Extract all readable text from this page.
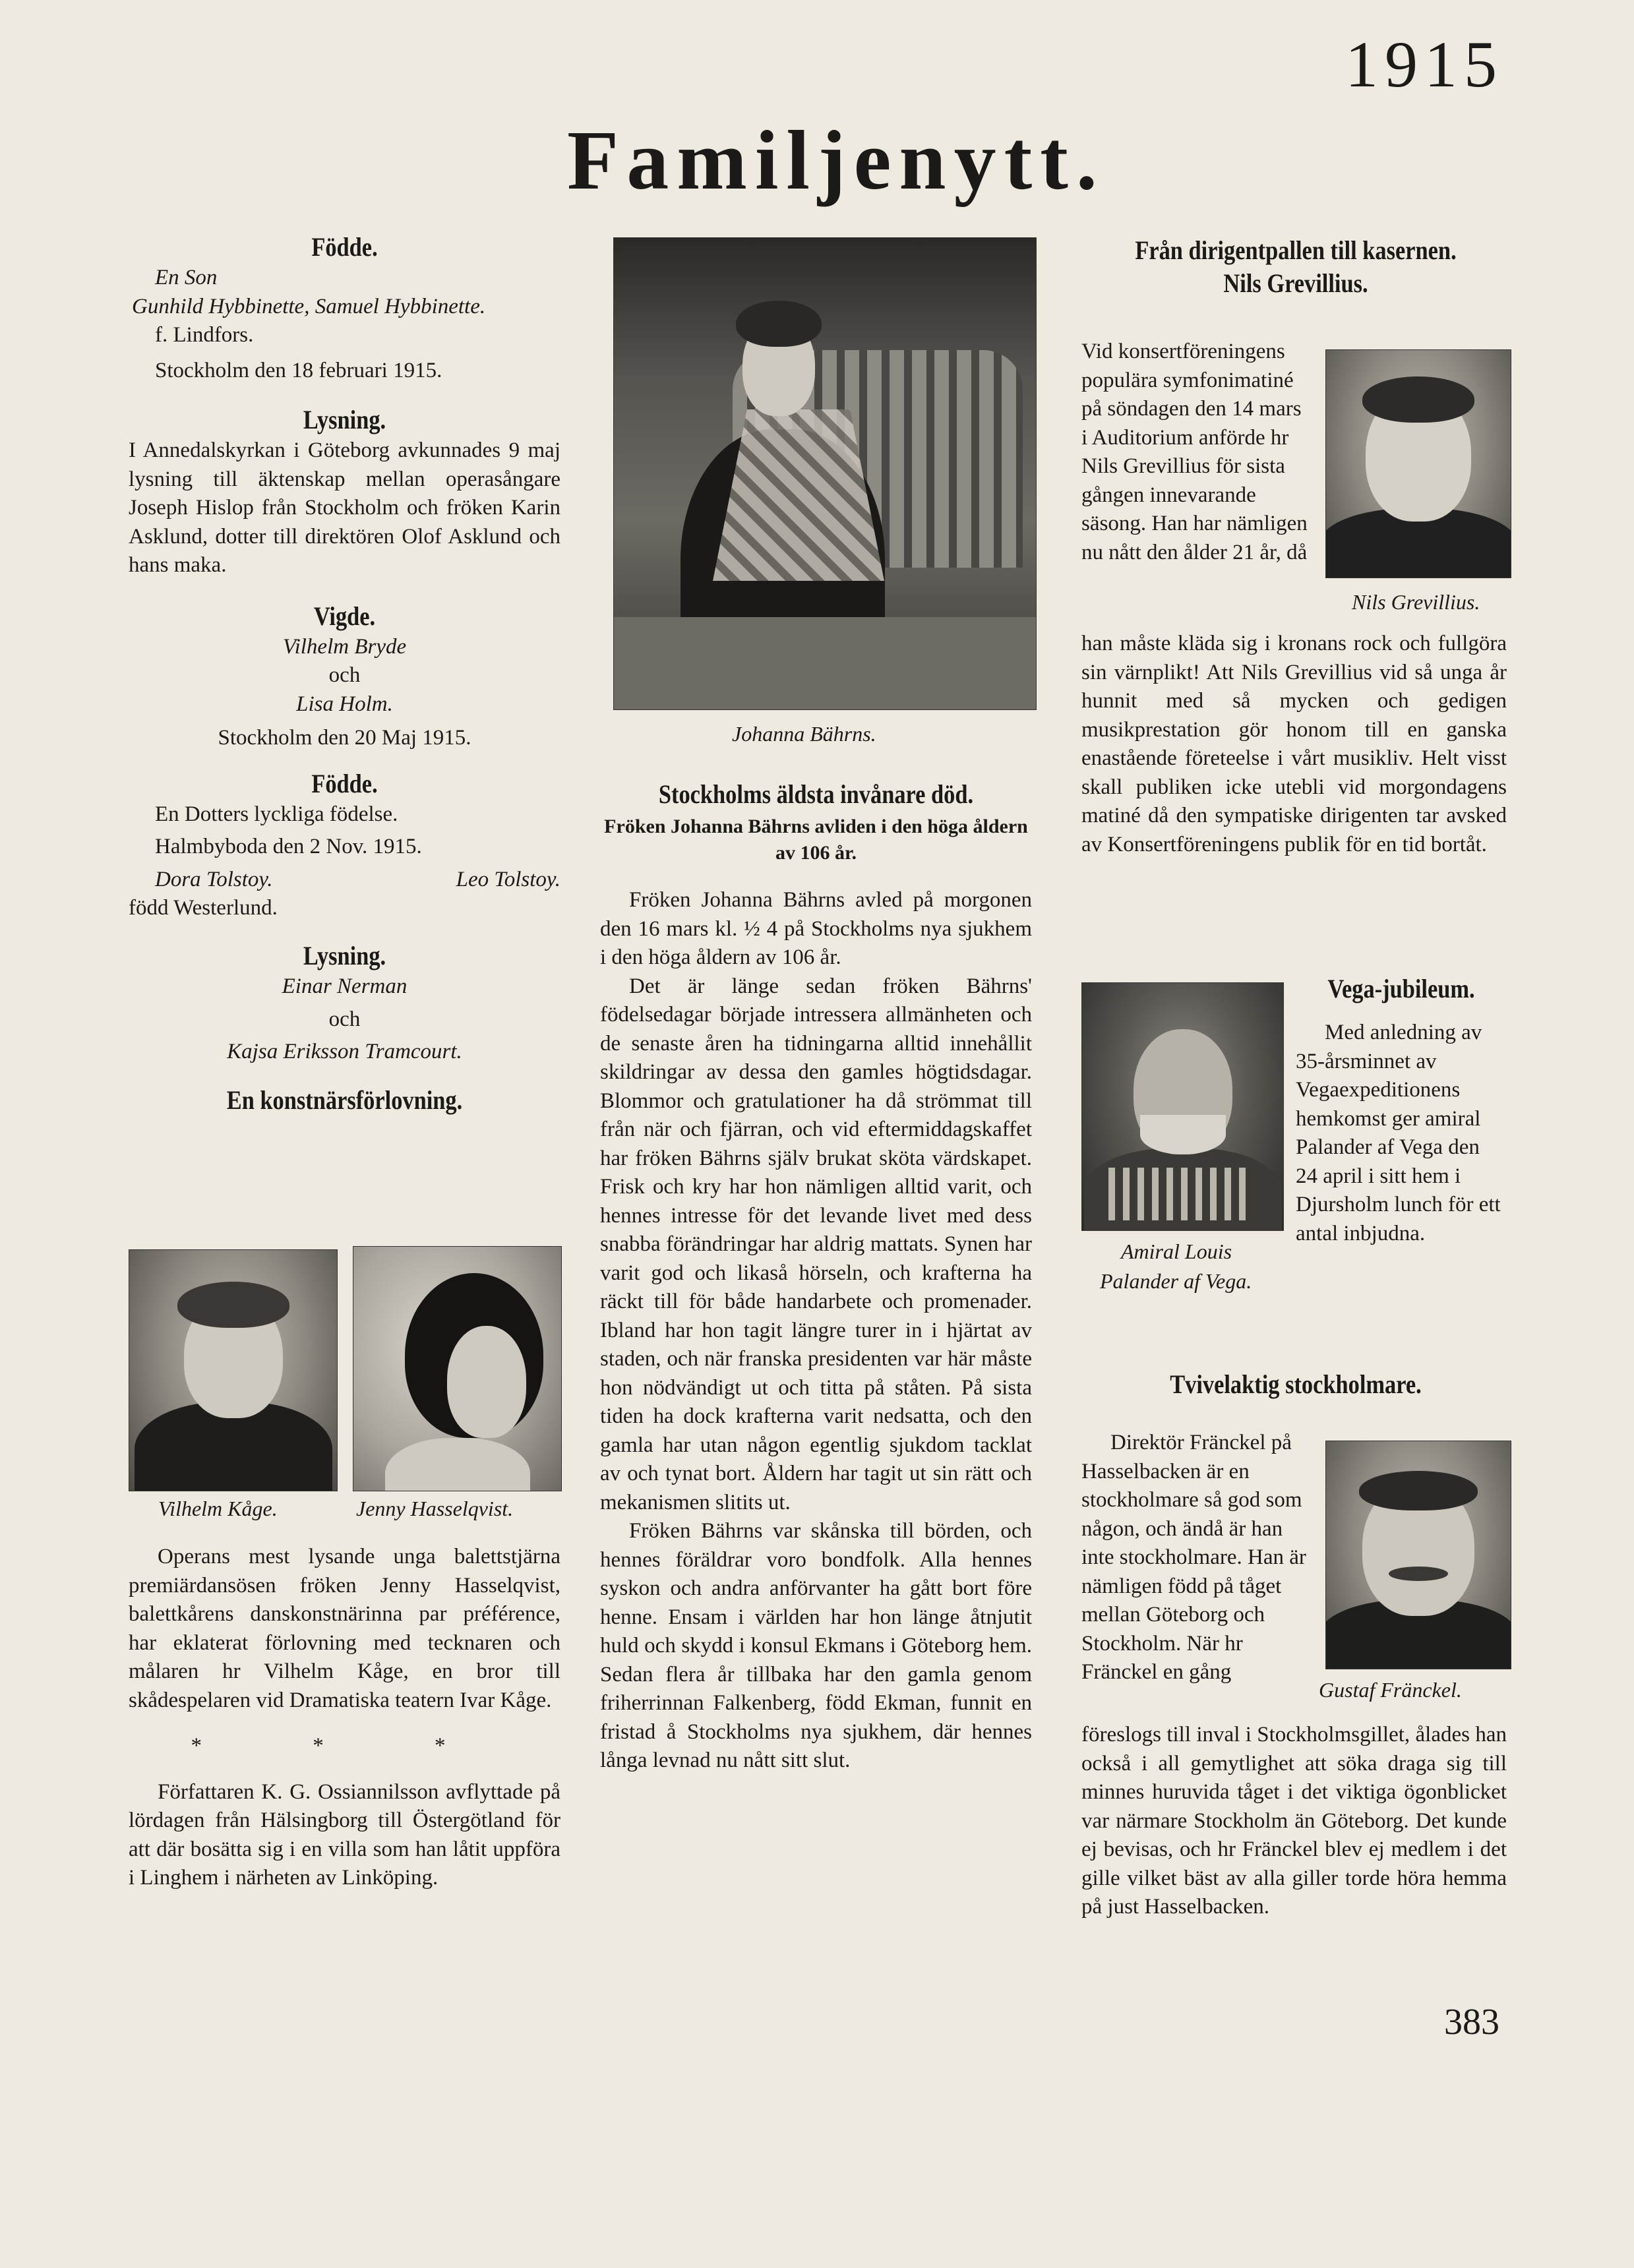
1915
Familjenytt.
Födde.
En Son
Gunhild Hybbinette, Samuel Hybbinette.
f. Lindfors.
Stockholm den 18 februari 1915.
Lysning.

I Annedalskyrkan i Göteborg avkunnades 9 maj lysning till äktenskap mellan operasångare Joseph Hislop från Stockholm och fröken Karin Asklund, dotter till direktören Olof Asklund och hans maka.

Vigde.
Vilhelm Bryde
och
Lisa Holm.
Stockholm den 20 Maj 1915.
Födde.
En Dotters lyckliga födelse.
Halmbyboda den 2 Nov. 1915.
Dora Tolstoy.	Leo Tolstoy.
född Westerlund.
Lysning.
Einar Nerman
och
Kajsa Eriksson Tramcourt.
En konstnärsförlovning.
Vilhelm Kåge.	Jenny Hasselqvist.

Operans mest lysande unga balettstjärna premiärdansösen fröken Jenny Hasselqvist, balettkårens danskonstnärinna par préférence, har eklaterat förlovning med tecknaren och målaren hr Vilhelm Kåge, en bror till skådespelaren vid Dramatiska teatern Ivar Kåge.

* * *

Författaren K. G. Ossiannilsson avflyttade på lördagen från Hälsingborg till Östergötland för att där bosätta sig i en villa som han låtit uppföra i Linghem i närheten av Linköping.

Johanna Bährns.
Stockholms äldsta invånare död.
Fröken Johanna Bährns avliden i den höga åldern av 106 år.

Fröken Johanna Bährns avled på morgonen den 16 mars kl. ½ 4 på Stockholms nya sjukhem i den höga åldern av 106 år.

Det är länge sedan fröken Bährns' födelsedagar började intressera allmänheten och de senaste åren ha tidningarna alltid innehållit skildringar av dessa den gamles högtidsdagar. Blommor och gratulationer ha då strömmat till från när och fjärran, och vid eftermiddagskaffet har fröken Bährns själv brukat sköta värdskapet. Frisk och kry har hon nämligen alltid varit, och hennes intresse för det levande livet med dess snabba förändringar har aldrig mattats. Synen har varit god och likaså hörseln, och krafterna ha räckt till för både handarbete och promenader. Ibland har hon tagit längre turer in i hjärtat av staden, och när franska presidenten var här måste hon nödvändigt ut och titta på ståten. På sista tiden ha dock krafterna varit nedsatta, och den gamla har utan någon egentlig sjukdom tacklat av och tynat bort. Åldern har tagit ut sin rätt och mekanismen slitits ut.

Fröken Bährns var skånska till börden, och hennes föräldrar voro bondfolk. Alla hennes syskon och andra anförvanter ha gått bort före henne. Ensam i världen har hon länge åtnjutit huld och skydd i konsul Ekmans i Göteborg hem. Sedan flera år tillbaka har den gamla genom friherrinnan Falkenberg, född Ekman, funnit en fristad å Stockholms nya sjukhem, där hennes långa levnad nu nått sitt slut.

Från dirigentpallen till kasernen.
Nils Grevillius.
Nils Grevillius.

Vid konsertföreningens populära symfonimatiné på söndagen den 14 mars i Auditorium anförde hr Nils Grevillius för sista gången innevarande säsong. Han har nämligen nu nått den ålder 21 år, då

han måste kläda sig i kronans rock och fullgöra sin värnplikt! Att Nils Grevillius vid så unga år hunnit med så mycken och gedigen musikprestation gör honom till en ganska enastående företeelse i vårt musikliv. Helt visst skall publiken icke utebli vid morgondagens matiné då den sympatiske dirigenten tar avsked av Konsertföreningens publik för en tid bortåt.

Amiral Louis
Palander af Vega.
Vega-jubileum.

Med anledning av 35-årsminnet av Vegaexpeditionens hemkomst ger amiral Palander af Vega den 24 april i sitt hem i Djursholm lunch för ett antal inbjudna.

Tvivelaktig stockholmare.
Gustaf Fränckel.

Direktör Fränckel på Hasselbacken är en stockholmare så god som någon, och ändå är han inte stockholmare. Han är nämligen född på tåget mellan Göteborg och Stockholm. När hr Fränckel en gång

föreslogs till inval i Stockholmsgillet, ålades han också i all gemytlighet att söka draga sig till minnes huruvida tåget i det viktiga ögonblicket var närmare Stockholm än Göteborg. Det kunde ej bevisas, och hr Fränckel blev ej medlem i det gille vilket bäst av alla giller torde höra hemma på just Hasselbacken.

383
